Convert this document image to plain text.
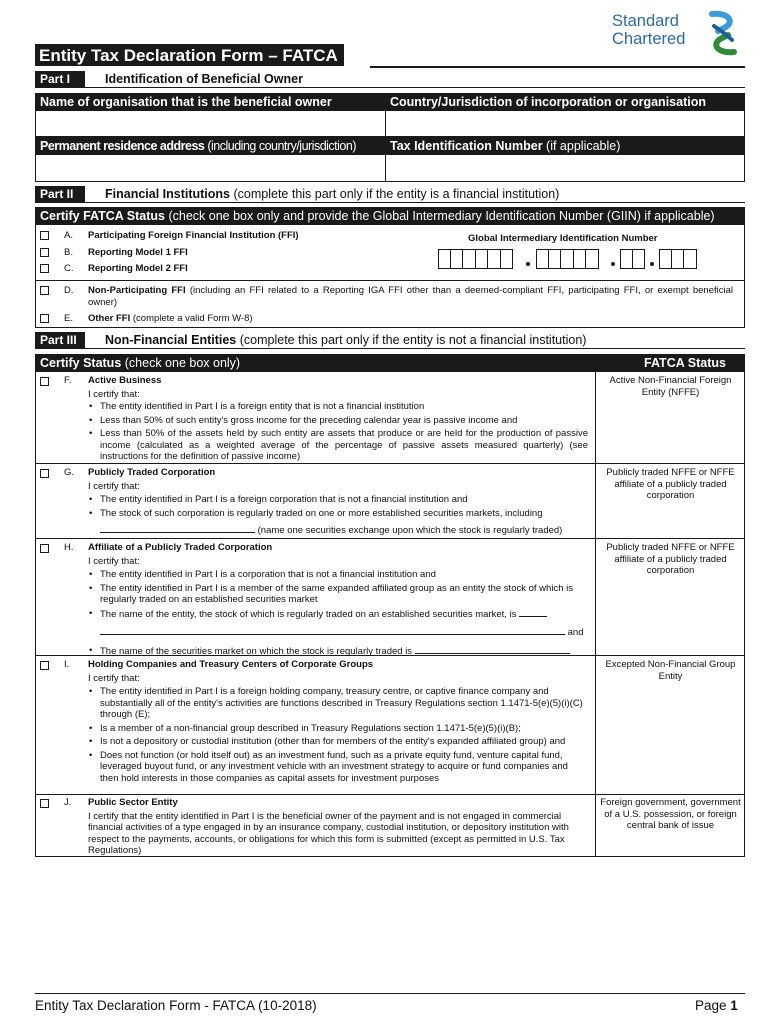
Standard
Chartered
Entity Tax Declaration Form – FATCA
Part I	Identification of Beneficial Owner
Name of organisation that is the beneficial owner	Country/Jurisdiction of incorporation or organisation
Permanent residence address (including country/jurisdiction)	Tax Identification Number (if applicable)
Part II	Financial Institutions (complete this part only if the entity is a financial institution)
Certify FATCA Status (check one box only and provide the Global Intermediary Identification Number (GIIN) if applicable)
A. Participating Foreign Financial Institution (FFI)
B. Reporting Model 1 FFI
C. Reporting Model 2 FFI
Global Intermediary Identification Number
D. Non-Participating FFI (including an FFI related to a Reporting IGA FFI other than a deemed-compliant FFI, participating FFI, or exempt beneficial owner)
E. Other FFI (complete a valid Form W-8)
Part III	Non-Financial Entities (complete this part only if the entity is not a financial institution)
Certify Status (check one box only)	FATCA Status
F. Active Business
I certify that:
• The entity identified in Part I is a foreign entity that is not a financial institution
• Less than 50% of such entity's gross income for the preceding calendar year is passive income and
• Less than 50% of the assets held by such entity are assets that produce or are held for the production of passive income (calculated as a weighted average of the percentage of passive assets measured quarterly) (see instructions for the definition of passive income)
Active Non-Financial Foreign Entity (NFFE)
G. Publicly Traded Corporation
I certify that:
• The entity identified in Part I is a foreign corporation that is not a financial institution and
• The stock of such corporation is regularly traded on one or more established securities markets, including
(name one securities exchange upon which the stock is regularly traded)
Publicly traded NFFE or NFFE affiliate of a publicly traded corporation
H. Affiliate of a Publicly Traded Corporation
I certify that:
• The entity identified in Part I is a corporation that is not a financial institution and
• The entity identified in Part I is a member of the same expanded affiliated group as an entity the stock of which is regularly traded on an established securities market
• The name of the entity, the stock of which is regularly traded on an established securities market, is
and
• The name of the securities market on which the stock is regularly traded is
Publicly traded NFFE or NFFE affiliate of a publicly traded corporation
I. Holding Companies and Treasury Centers of Corporate Groups
I certify that:
• The entity identified in Part I is a foreign holding company, treasury centre, or captive finance company and substantially all of the entity's activities are functions described in Treasury Regulations section 1.1471-5(e)(5)(i)(C) through (E);
• Is a member of a non-financial group described in Treasury Regulations section 1.1471-5(e)(5)(i)(B);
• Is not a depository or custodial institution (other than for members of the entity's expanded affiliated group) and
• Does not function (or hold itself out) as an investment fund, such as a private equity fund, venture capital fund, leveraged buyout fund, or any investment vehicle with an investment strategy to acquire or fund companies and then hold interests in those companies as capital assets for investment purposes
Excepted Non-Financial Group Entity
J. Public Sector Entity
I certify that the entity identified in Part I is the beneficial owner of the payment and is not engaged in commercial financial activities of a type engaged in by an insurance company, custodial institution, or depository institution with respect to the payments, accounts, or obligations for which this form is submitted (except as permitted in U.S. Tax Regulations)
Foreign government, government of a U.S. possession, or foreign central bank of issue
Entity Tax Declaration Form - FATCA (10-2018)	Page 1
